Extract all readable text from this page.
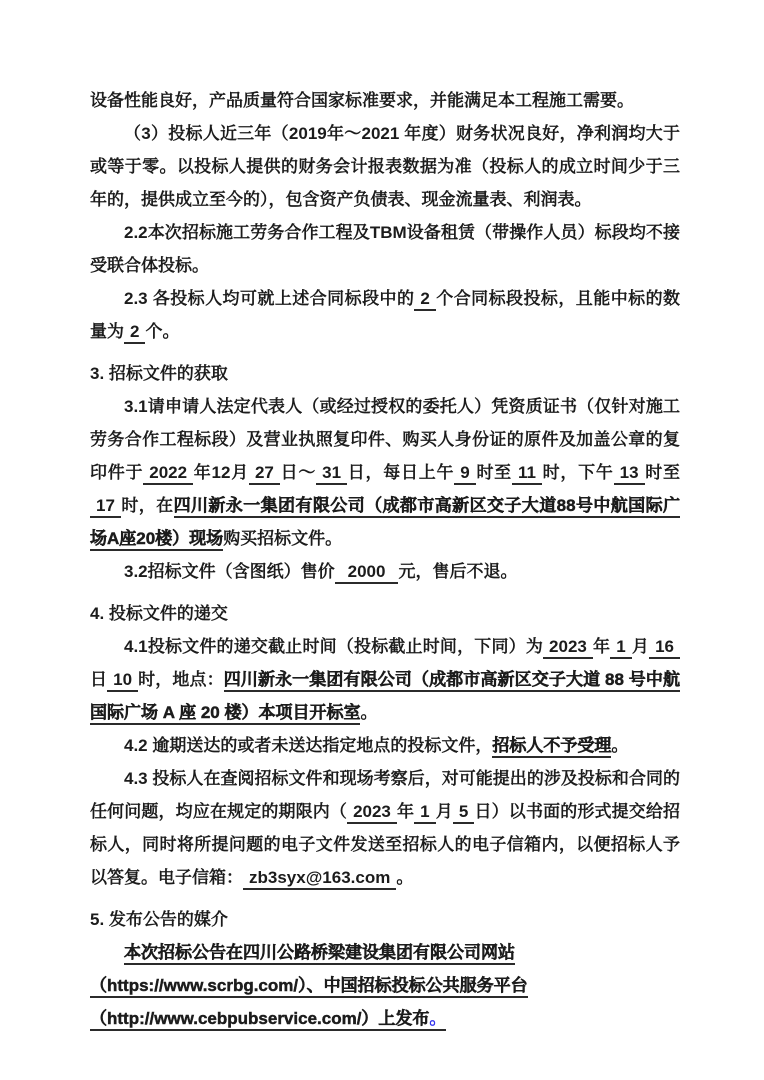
设备性能良好，产品质量符合国家标准要求，并能满足本工程施工需要。

（3）投标人近三年（2019年～2021 年度）财务状况良好，净利润均大于或等于零。以投标人提供的财务会计报表数据为准（投标人的成立时间少于三年的，提供成立至今的），包含资产负债表、现金流量表、利润表。

2.2本次招标施工劳务合作工程及TBM设备租赁（带操作人员）标段均不接受联合体投标。

2.3 各投标人均可就上述合同标段中的 2 个合同标段投标，且能中标的数量为 2 个。

3. 招标文件的获取

3.1请申请人法定代表人（或经过授权的委托人）凭资质证书（仅针对施工劳务合作工程标段）及营业执照复印件、购买人身份证的原件及加盖公章的复印件于 2022 年12月 27 日～ 31 日，每日上午 9 时至 11 时，下午 13 时至17 时，在四川新永一集团有限公司（成都市高新区交子大道88号中航国际广场A座20楼）现场购买招标文件。

3.2招标文件（含图纸）售价 2000 元，售后不退。

4. 投标文件的递交

4.1投标文件的递交截止时间（投标截止时间，下同）为 2023 年 1 月 16日 10 时，地点：四川新永一集团有限公司（成都市高新区交子大道 88 号中航国际广场 A 座 20 楼）本项目开标室。

4.2 逾期送达的或者未送达指定地点的投标文件，招标人不予受理。

4.3 投标人在查阅招标文件和现场考察后，对可能提出的涉及投标和合同的任何问题，均应在规定的期限内（ 2023 年 1 月 5 日）以书面的形式提交给招标人，同时将所提问题的电子文件发送至招标人的电子信箱内，以便招标人予以答复。电子信箱： zb3syx@163.com 。

5. 发布公告的媒介

本次招标公告在四川公路桥梁建设集团有限公司网站

（https://www.scrbg.com/）、中国招标投标公共服务平台

（http://www.cebpubservice.com/）上发布。
